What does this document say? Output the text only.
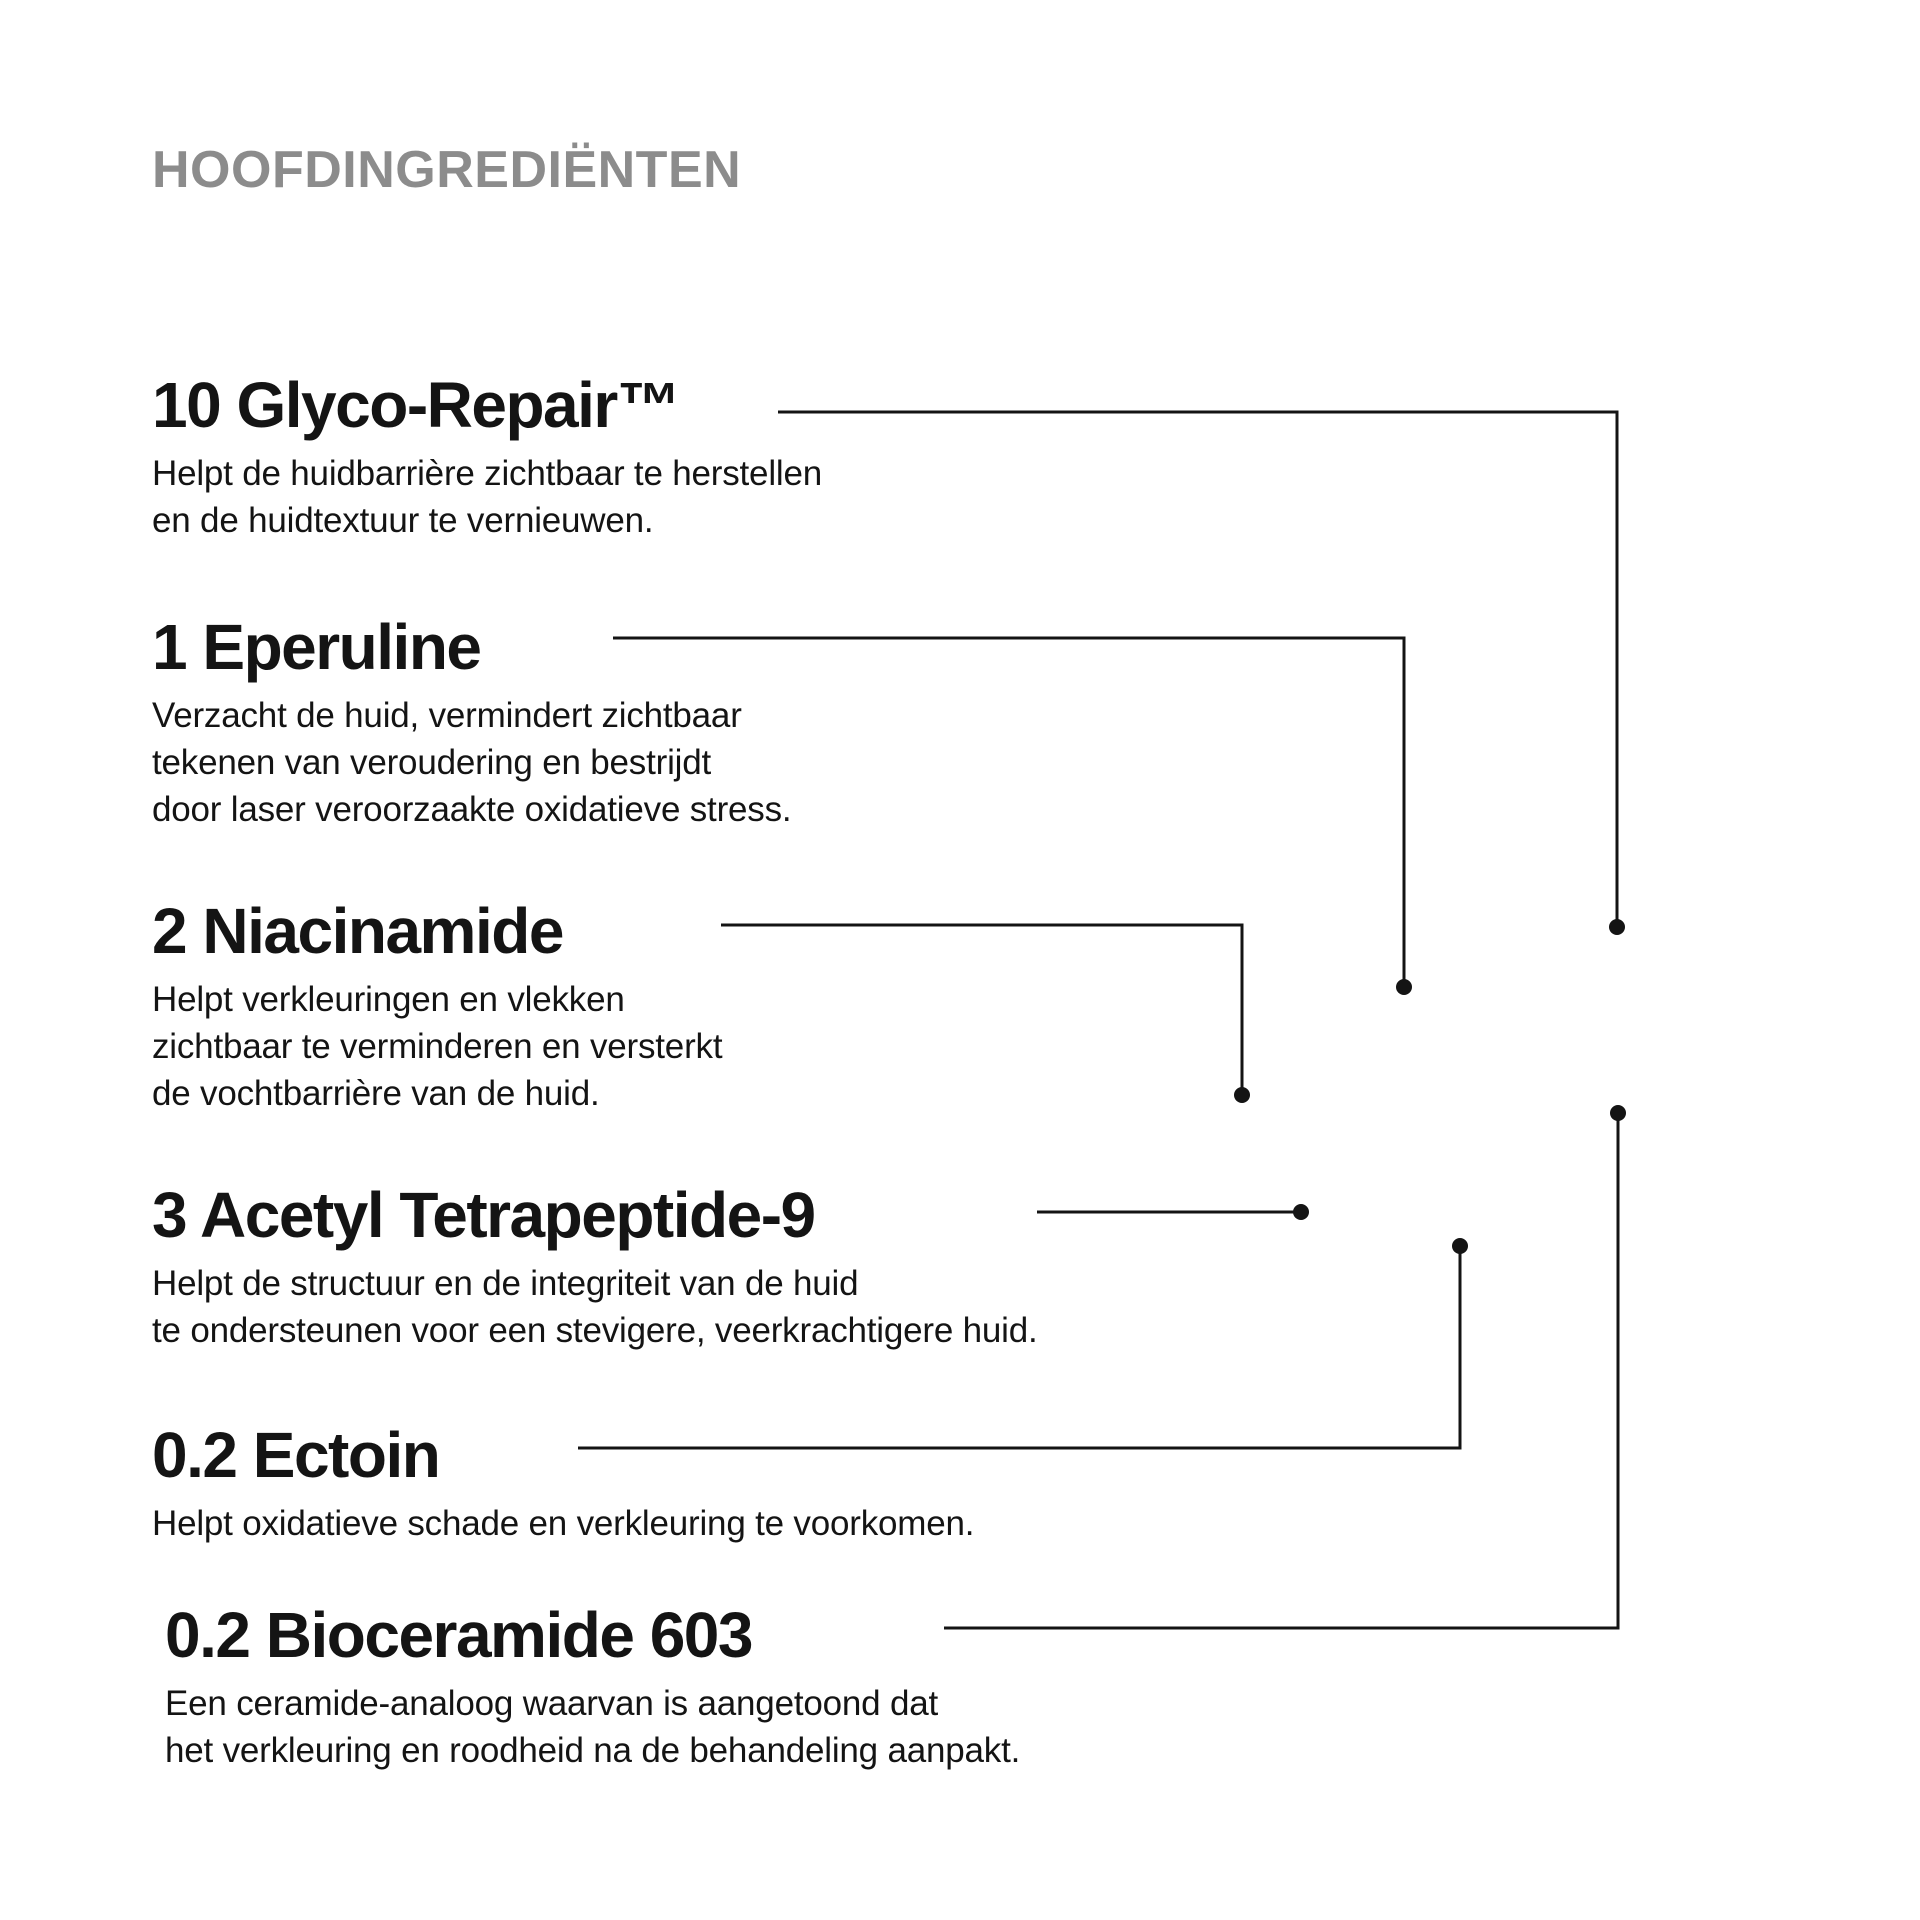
HOOFDINGREDIËNTEN
10 Glyco-Repair™

Helpt de huidbarrière zichtbaar te herstellen

en de huidtextuur te vernieuwen.

1 Eperuline

Verzacht de huid, vermindert zichtbaar

tekenen van veroudering en bestrijdt

door laser veroorzaakte oxidatieve stress.

2 Niacinamide

Helpt verkleuringen en vlekken

zichtbaar te verminderen en versterkt

de vochtbarrière van de huid.

3 Acetyl Tetrapeptide-9

Helpt de structuur en de integriteit van de huid

te ondersteunen voor een stevigere, veerkrachtigere huid.

0.2 Ectoin

Helpt oxidatieve schade en verkleuring te voorkomen.

0.2 Bioceramide 603

Een ceramide-analoog waarvan is aangetoond dat

het verkleuring en roodheid na de behandeling aanpakt.
